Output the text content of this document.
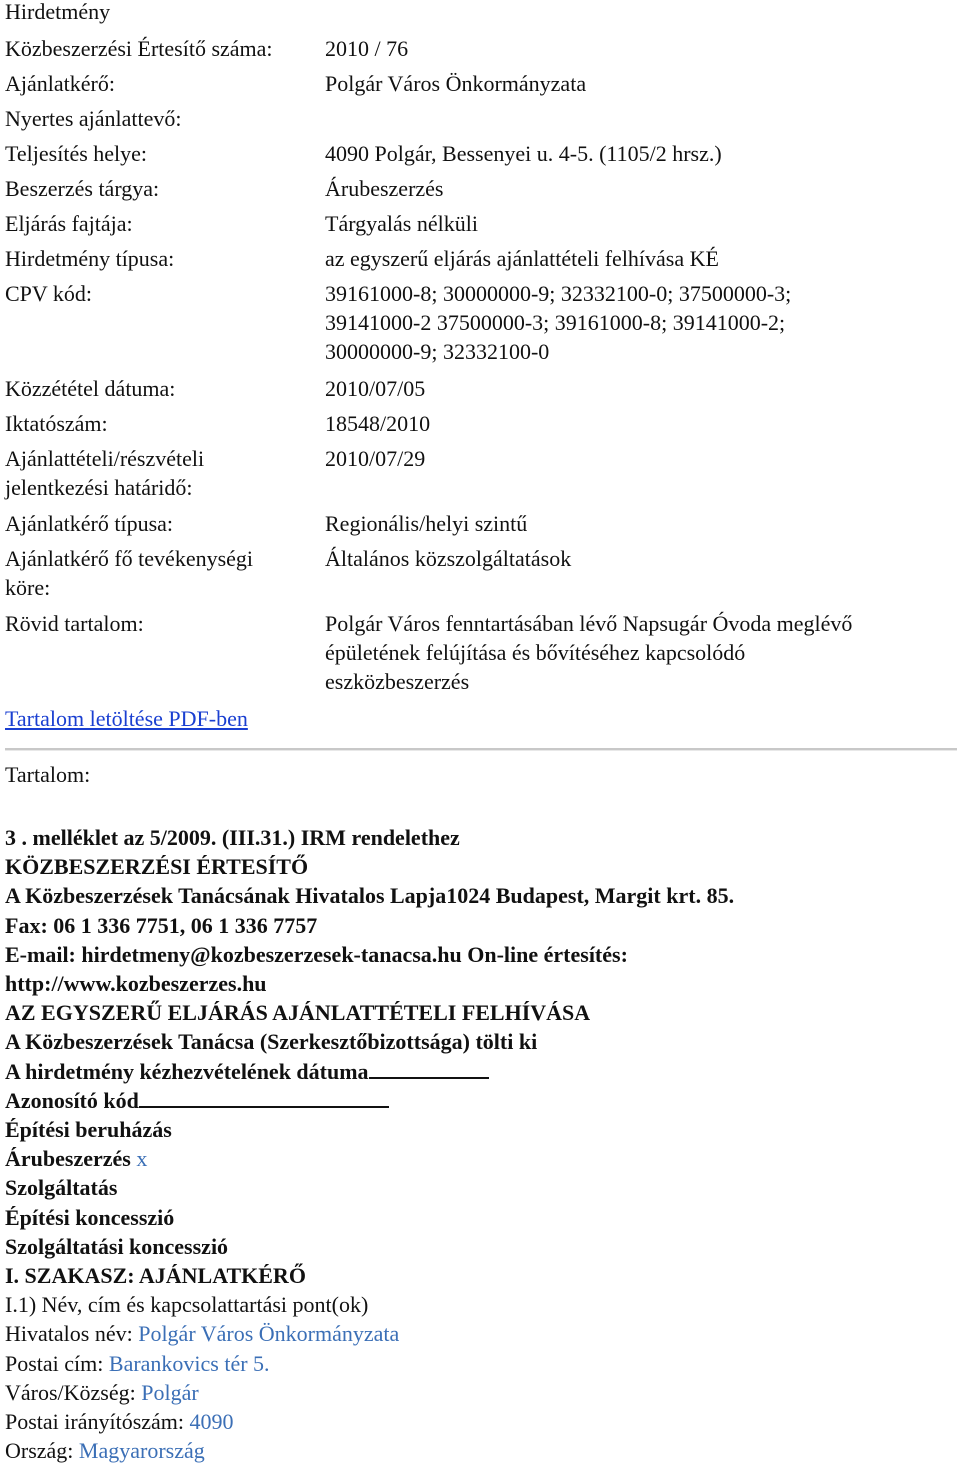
Hirdetmény
Közbeszerzési Értesítő száma:	2010 / 76
Ajánlatkérő:	Polgár Város Önkormányzata
Nyertes ajánlattevő:	
Teljesítés helye:	4090 Polgár, Bessenyei u. 4-5. (1105/2 hrsz.)
Beszerzés tárgya:	Árubeszerzés
Eljárás fajtája:	Tárgyalás nélküli
Hirdetmény típusa:	az egyszerű eljárás ajánlattételi felhívása KÉ
CPV kód:	39161000-8; 30000000-9; 32332100-0; 37500000-3;
39141000-2 37500000-3; 39161000-8; 39141000-2;
30000000-9; 32332100-0

Közzététel dátuma:	2010/07/05
Iktatószám:	18548/2010

Ajánlattételi/részvételi
jelentkezési határidő:	2010/07/29
Ajánlatkérő típusa:	Regionális/helyi szintű

Ajánlatkérő fő tevékenységi
köre:	Általános közszolgáltatások
Rövid tartalom:	Polgár Város fenntartásában lévő Napsugár Óvoda meglévő
épületének felújítása és bővítéséhez kapcsolódó
eszközbeszerzés

Tartalom letöltése PDF-ben	
Tartalom:
3 . melléklet az 5/2009. (III.31.) IRM rendelethez
KÖZBESZERZÉSI ÉRTESÍTŐ
A Közbeszerzések Tanácsának Hivatalos Lapja1024 Budapest, Margit krt. 85.
Fax: 06 1 336 7751, 06 1 336 7757
E-mail: hirdetmeny@kozbeszerzesek-tanacsa.hu On-line értesítés:
http://www.kozbeszerzes.hu
AZ EGYSZERŰ ELJÁRÁS AJÁNLATTÉTELI FELHÍVÁSA
A Közbeszerzések Tanácsa (Szerkesztőbizottsága) tölti ki
A hirdetmény kézhezvételének dátuma
Azonosító kód
Építési beruházás
Árubeszerzés x
Szolgáltatás
Építési koncesszió
Szolgáltatási koncesszió
I. SZAKASZ: AJÁNLATKÉRŐ
I.1) Név, cím és kapcsolattartási pont(ok)
Hivatalos név: Polgár Város Önkormányzata
Postai cím: Barankovics tér 5.
Város/Község: Polgár
Postai irányítószám: 4090
Ország: Magyarország
